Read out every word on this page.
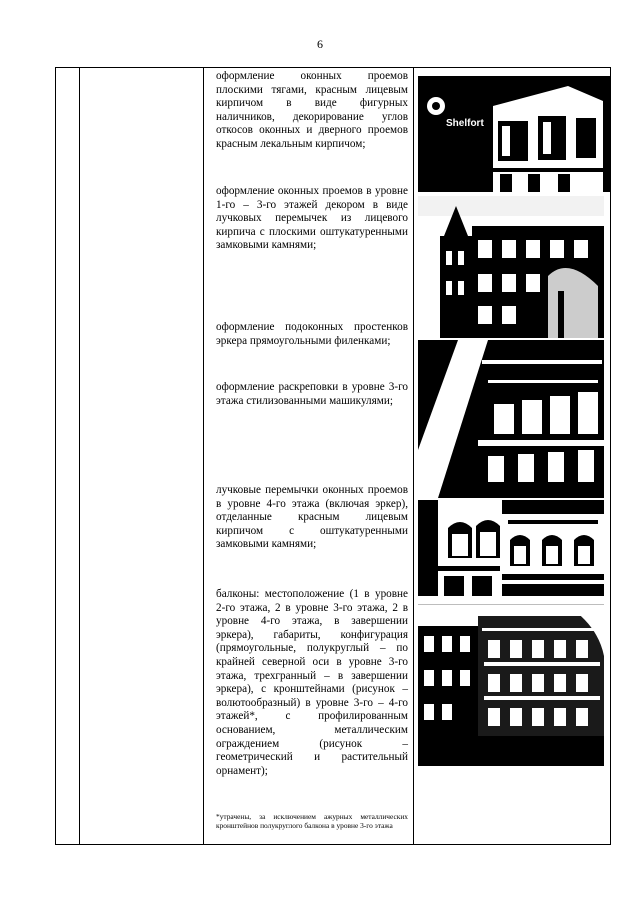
6

оформление оконных проемов плоскими тягами, красным лицевым кирпичом в виде фигурных наличников, декорирование углов откосов оконных и дверного проемов красным лекальным кирпичом;

оформление оконных проемов в уровне 1-го – 3-го этажей декором в виде лучковых перемычек из лицевого кирпича с плоскими оштукатуренными замковыми камнями;

оформление подоконных простенков эркера прямоугольными филенками;

оформление раскреповки в уровне 3-го этажа стилизованными машикулями;

лучковые перемычки оконных проемов в уровне 4-го этажа (включая эркер), отделанные красным лицевым кирпичом с оштукатуренными замковыми камнями;

балконы: местоположение (1 в уровне 2-го этажа, 2 в уровне 3-го этажа, 2 в уровне 4-го этажа, в завершении эркера), габариты, конфигурация (прямоугольные, полукруглый – по крайней северной оси в уровне 3-го этажа, трехгранный – в завершении эркера), с кронштейнами (рисунок – волютообразный) в уровне 3-го – 4-го этажей*, с профилированным основанием, металлическим ограждением (рисунок – геометрический и растительный орнамент);

*утрачены, за исключением ажурных металлических кронштейнов полукруглого балкона в уровне 3-го этажа
Shelfort
